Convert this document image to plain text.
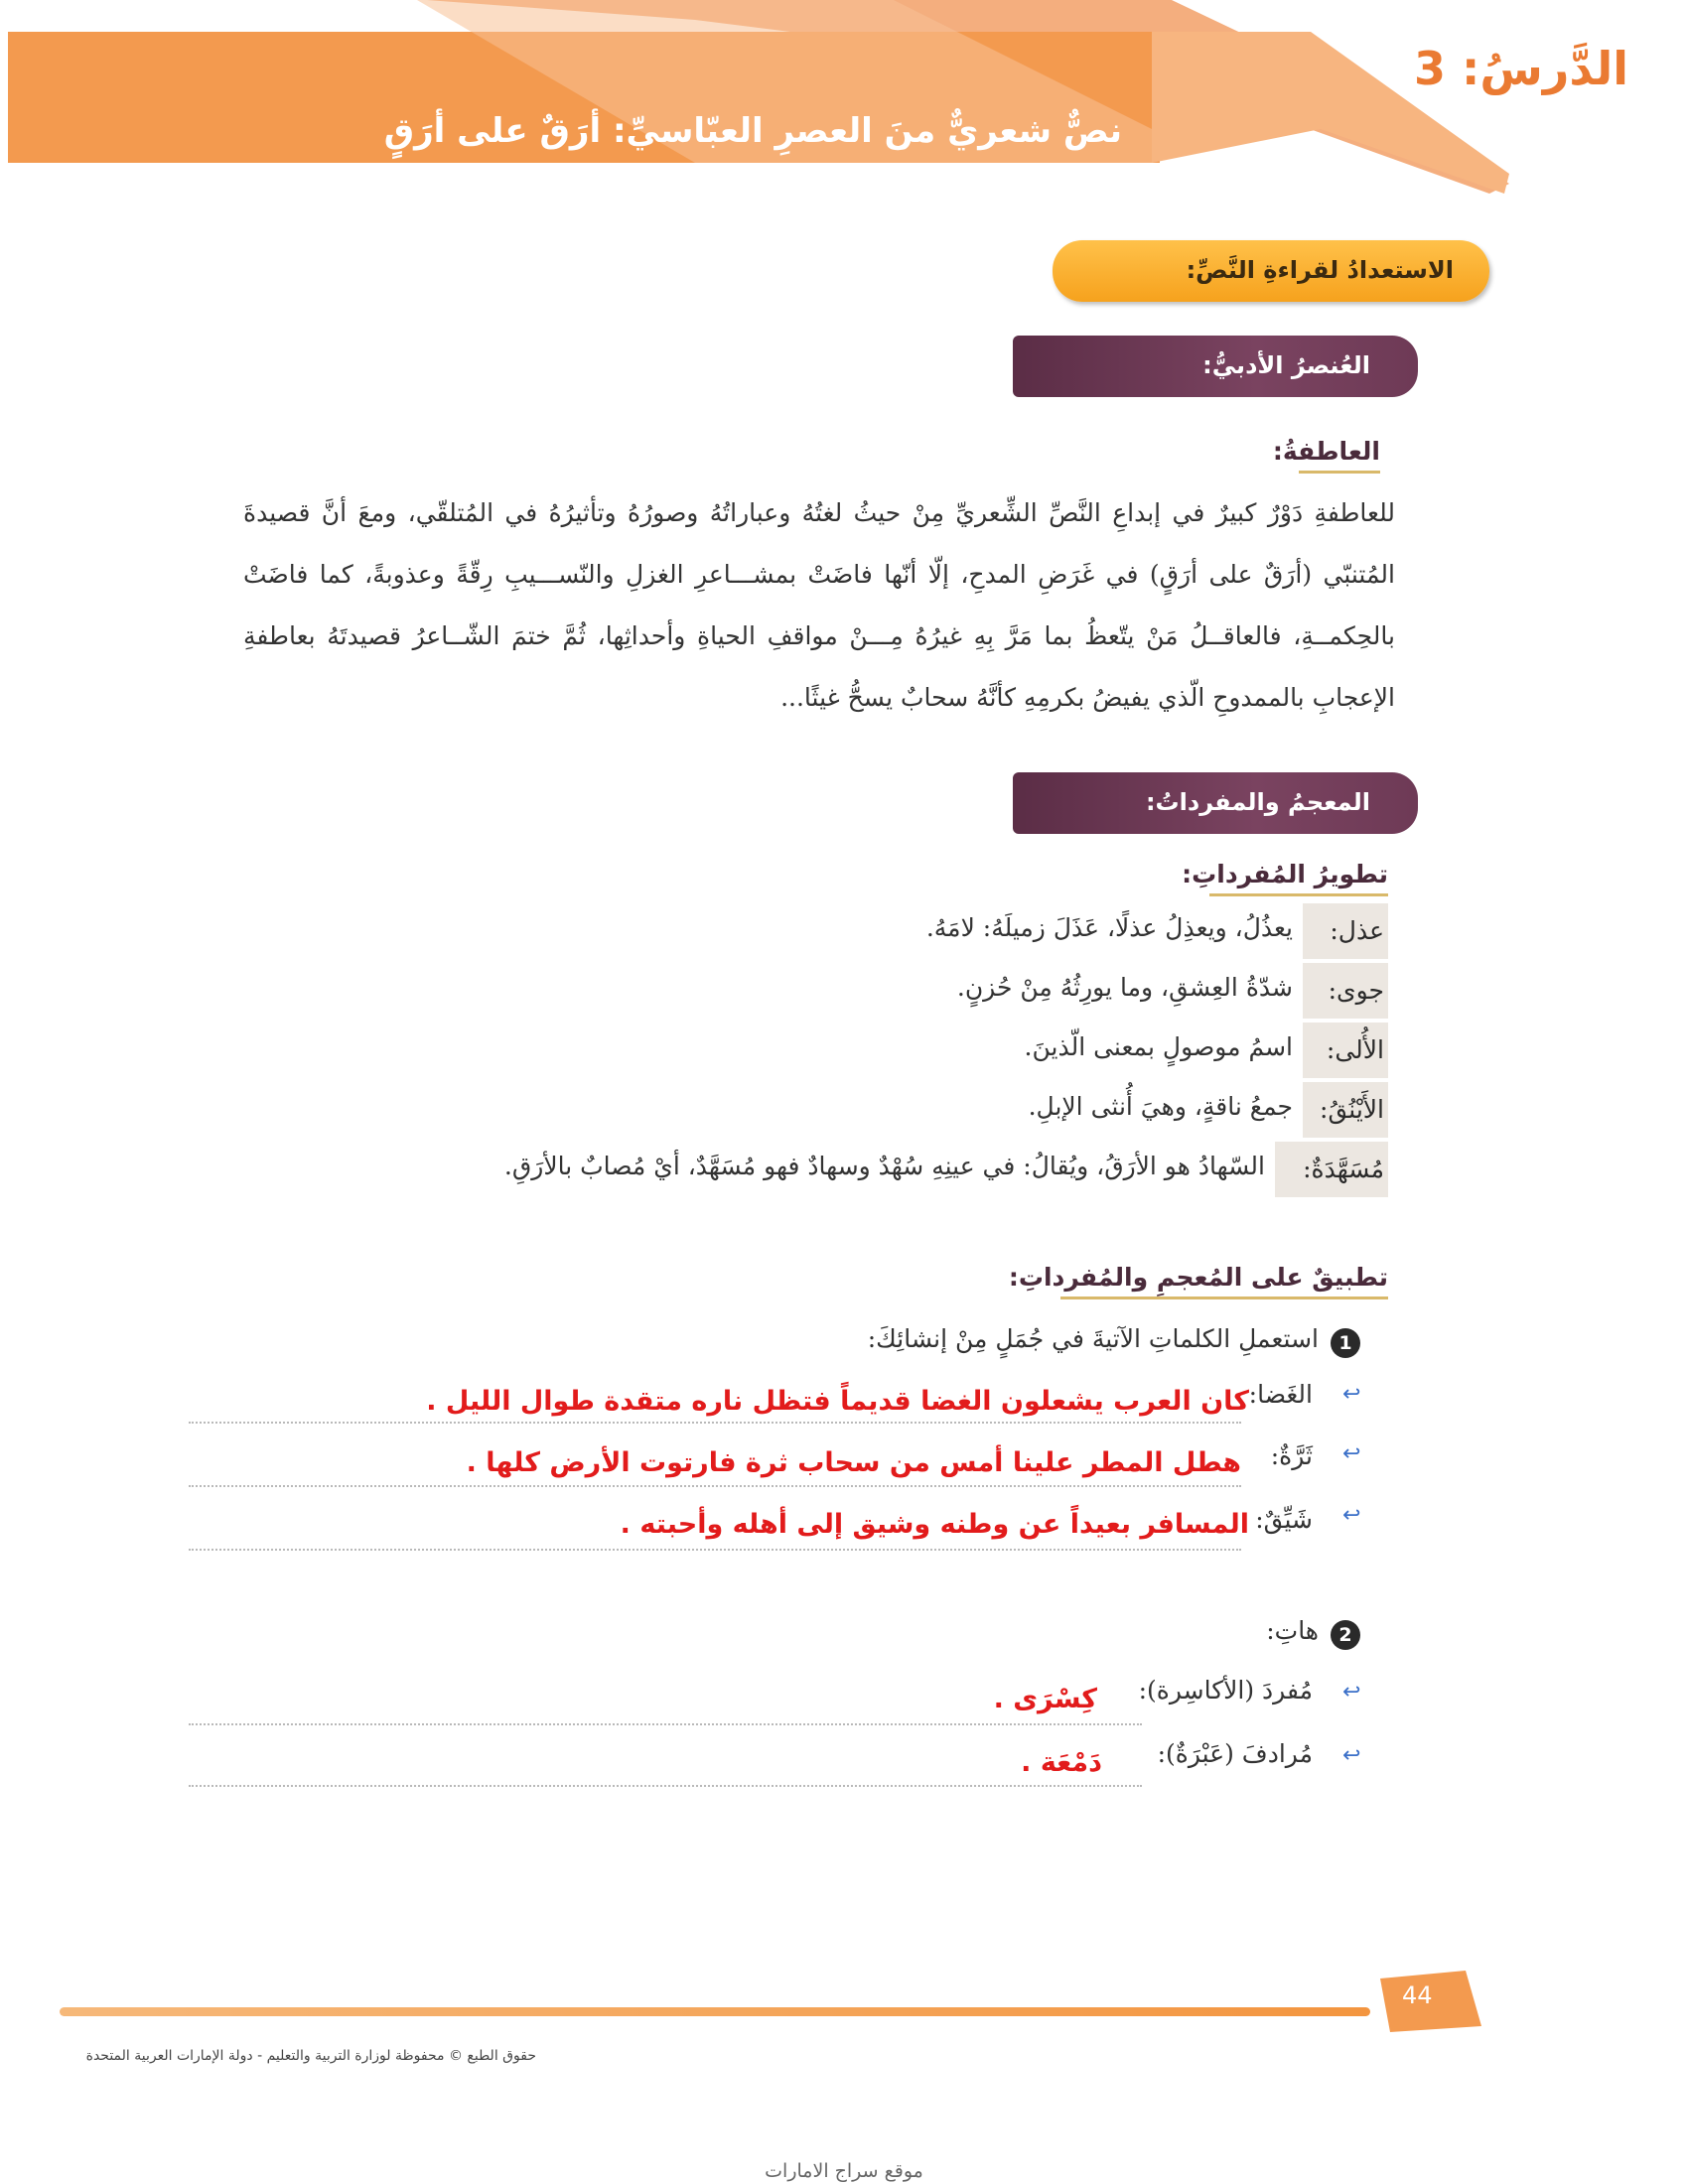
الدَّرسُ: 3
نصٌّ شعريٌّ منَ العصرِ العبّاسيِّ: أرَقٌ على أرَقٍ
الاستعدادُ لقراءةِ النَّصِّ:
العُنصرُ الأدبيُّ:
العاطفةُ:
للعاطفةِ دَوْرٌ كبيرٌ في إبداعِ النَّصِّ الشِّعريِّ مِنْ حيثُ لغتُهُ وعباراتُهُ وصورُهُ وتأثيرُهُ في المُتلقّي، ومعَ أنَّ قصيدةَ المُتنبّي (أرَقٌ على أرَقٍ) في غَرَضِ المدحِ، إلّا أنّها فاضَتْ بمشـــاعرِ الغزلِ والنّســـيبِ رِقّةً وعذوبةً، كما فاضَتْ بالحِكمــةِ، فالعاقــلُ مَنْ يتّعظُ بما مَرَّ بِهِ غيرُهُ مِـــنْ مواقفِ الحياةِ وأحداثِها، ثُمَّ ختمَ الشّــاعرُ قصيدتَهُ بعاطفةِ الإعجابِ بالممدوحِ الّذي يفيضُ بكرمِهِ كأنَّهُ سحابٌ يسحُّ غيثًا...
المعجمُ والمفرداتُ:
تطويرُ المُفرداتِ:
عذل:
يعذُلُ، ويعذِلُ عذلًا، عَذَلَ زميلَهُ: لامَهُ.
جوى:
شدّةُ العِشقِ، وما يورِثُهُ مِنْ حُزنٍ.
الأُلى:
اسمُ موصولٍ بمعنى الّذينَ.
الأَيْنُقُ:
جمعُ ناقةٍ، وهيَ أُنثى الإبلِ.
مُسَهَّدَةٌ:
السّهادُ هو الأرَقُ، ويُقالُ: في عينِهِ سُهْدٌ وسهادٌ فهو مُسَهَّدٌ، أيْ مُصابٌ بالأرَقِ.
تطبيقٌ على المُعجمِ والمُفرداتِ:
1
استعملِ الكلماتِ الآتيةَ في جُمَلٍ مِنْ إنشائِكَ:
↩
الغَضا:
كان العرب يشعلون الغضا قديماً فتظل ناره متقدة طوال الليل .
↩
ثَرَّةٌ:
هطل المطر علينا أمس من سحاب ثرة فارتوت الأرض كلها .
↩
شَيِّقٌ:
المسافر بعيداً عن وطنه وشيق إلى أهله وأحبته .
2
هاتِ:
↩
مُفردَ (الأكاسِرة):
كِسْرَى .
↩
مُرادفَ (عَبْرَةٌ):
دَمْعَة .
44
حقوق الطبع © محفوظة لوزارة التربية والتعليم - دولة الإمارات العربية المتحدة
موقع سراج الامارات
